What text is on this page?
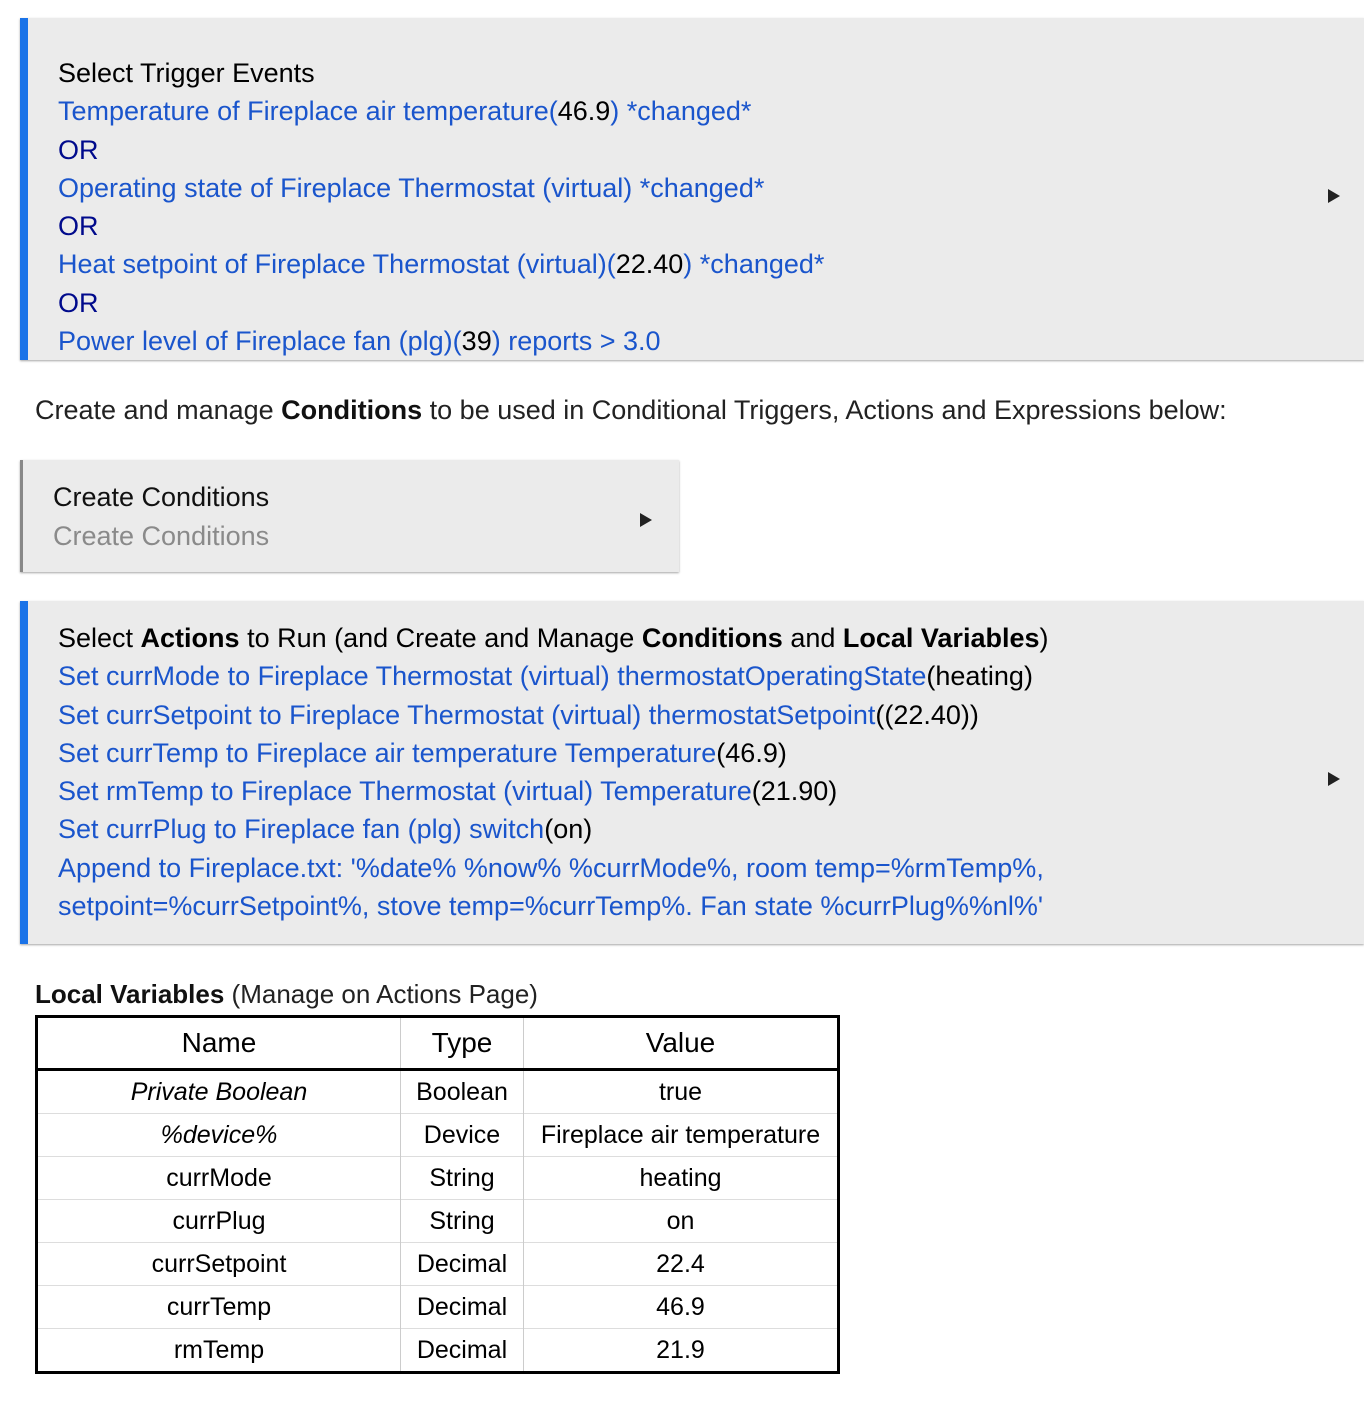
Select Trigger Events
Temperature of Fireplace air temperature(46.9) *changed*
OR
Operating state of Fireplace Thermostat (virtual) *changed*
OR
Heat setpoint of Fireplace Thermostat (virtual)(22.40) *changed*
OR
Power level of Fireplace fan (plg)(39) reports > 3.0
Create and manage Conditions to be used in Conditional Triggers, Actions and Expressions below:
Create Conditions
Create Conditions
Select Actions to Run (and Create and Manage Conditions and Local Variables)
Set currMode to Fireplace Thermostat (virtual) thermostatOperatingState(heating)
Set currSetpoint to Fireplace Thermostat (virtual) thermostatSetpoint((22.40))
Set currTemp to Fireplace air temperature Temperature(46.9)
Set rmTemp to Fireplace Thermostat (virtual) Temperature(21.90)
Set currPlug to Fireplace fan (plg) switch(on)
Append to Fireplace.txt: '%date% %now% %currMode%, room temp=%rmTemp%,
setpoint=%currSetpoint%, stove temp=%currTemp%. Fan state %currPlug%%nl%'
Local Variables (Manage on Actions Page)
Name	Type	Value
Private Boolean	Boolean	true
%device%	Device	Fireplace air temperature
currMode	String	heating
currPlug	String	on
currSetpoint	Decimal	22.4
currTemp	Decimal	46.9
rmTemp	Decimal	21.9
